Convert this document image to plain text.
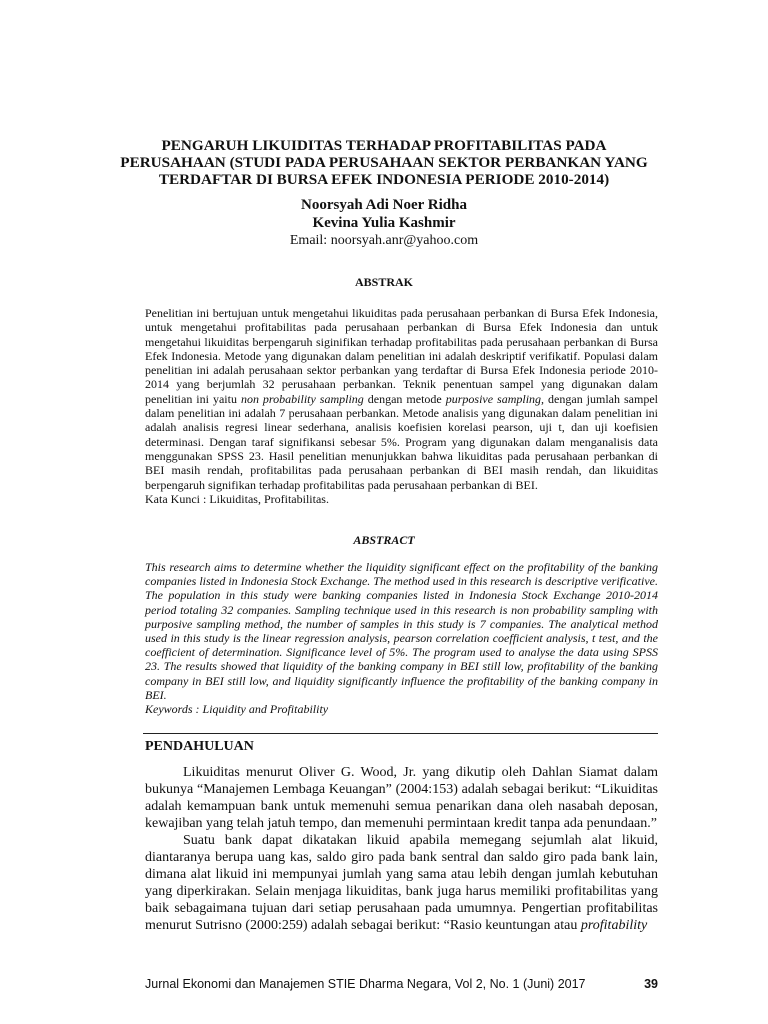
PENGARUH LIKUIDITAS TERHADAP PROFITABILITAS PADA PERUSAHAAN (STUDI PADA PERUSAHAAN SEKTOR PERBANKAN YANG TERDAFTAR DI BURSA EFEK INDONESIA PERIODE 2010-2014)
Noorsyah Adi Noer Ridha
Kevina Yulia Kashmir
Email: noorsyah.anr@yahoo.com
ABSTRAK

Penelitian ini bertujuan untuk mengetahui likuiditas pada perusahaan perbankan di Bursa Efek Indonesia, untuk mengetahui profitabilitas pada perusahaan perbankan di Bursa Efek Indonesia dan untuk mengetahui likuiditas berpengaruh siginifikan terhadap profitabilitas pada perusahaan perbankan di Bursa Efek Indonesia. Metode yang digunakan dalam penelitian ini adalah deskriptif verifikatif. Populasi dalam penelitian ini adalah perusahaan sektor perbankan yang terdaftar di Bursa Efek Indonesia periode 2010-2014 yang berjumlah 32 perusahaan perbankan. Teknik penentuan sampel yang digunakan dalam penelitian ini yaitu non probability sampling dengan metode purposive sampling, dengan jumlah sampel dalam penelitian ini adalah 7 perusahaan perbankan. Metode analisis yang digunakan dalam penelitian ini adalah analisis regresi linear sederhana, analisis koefisien korelasi pearson, uji t, dan uji koefisien determinasi. Dengan taraf signifikansi sebesar 5%. Program yang digunakan dalam menganalisis data menggunakan SPSS 23. Hasil penelitian menunjukkan bahwa likuiditas pada perusahaan perbankan di BEI masih rendah, profitabilitas pada perusahaan perbankan di BEI masih rendah, dan likuiditas berpengaruh signifikan terhadap profitabilitas pada perusahaan perbankan di BEI.

Kata Kunci : Likuiditas, Profitabilitas.

ABSTRACT

This research aims to determine whether the liquidity significant effect on the profitability of the banking companies listed in Indonesia Stock Exchange. The method used in this research is descriptive verificative. The population in this study were banking companies listed in Indonesia Stock Exchange 2010-2014 period totaling 32 companies. Sampling technique used in this research is non probability sampling with purposive sampling method, the number of samples in this study is 7 companies. The analytical method used in this study is the linear regression analysis, pearson correlation coefficient analysis, t test, and the coefficient of determination. Significance level of 5%. The program used to analyse the data using SPSS 23. The results showed that liquidity of the banking company in BEI still low, profitability of the banking company in BEI still low, and liquidity significantly influence the profitability of the banking company in BEI.

Keywords : Liquidity and Profitability

PENDAHULUAN

Likuiditas menurut Oliver G. Wood, Jr. yang dikutip oleh Dahlan Siamat dalam bukunya “Manajemen Lembaga Keuangan” (2004:153) adalah sebagai berikut: “Likuiditas adalah kemampuan bank untuk memenuhi semua penarikan dana oleh nasabah deposan, kewajiban yang telah jatuh tempo, dan memenuhi permintaan kredit tanpa ada penundaan.”

Suatu bank dapat dikatakan likuid apabila memegang sejumlah alat likuid, diantaranya berupa uang kas, saldo giro pada bank sentral dan saldo giro pada bank lain, dimana alat likuid ini mempunyai jumlah yang sama atau lebih dengan jumlah kebutuhan yang diperkirakan. Selain menjaga likuiditas, bank juga harus memiliki profitabilitas yang baik sebagaimana tujuan dari setiap perusahaan pada umumnya. Pengertian profitabilitas menurut Sutrisno (2000:259) adalah sebagai berikut: “Rasio keuntungan atau profitability

Jurnal Ekonomi dan Manajemen STIE Dharma Negara, Vol 2, No. 1 (Juni) 2017	39
